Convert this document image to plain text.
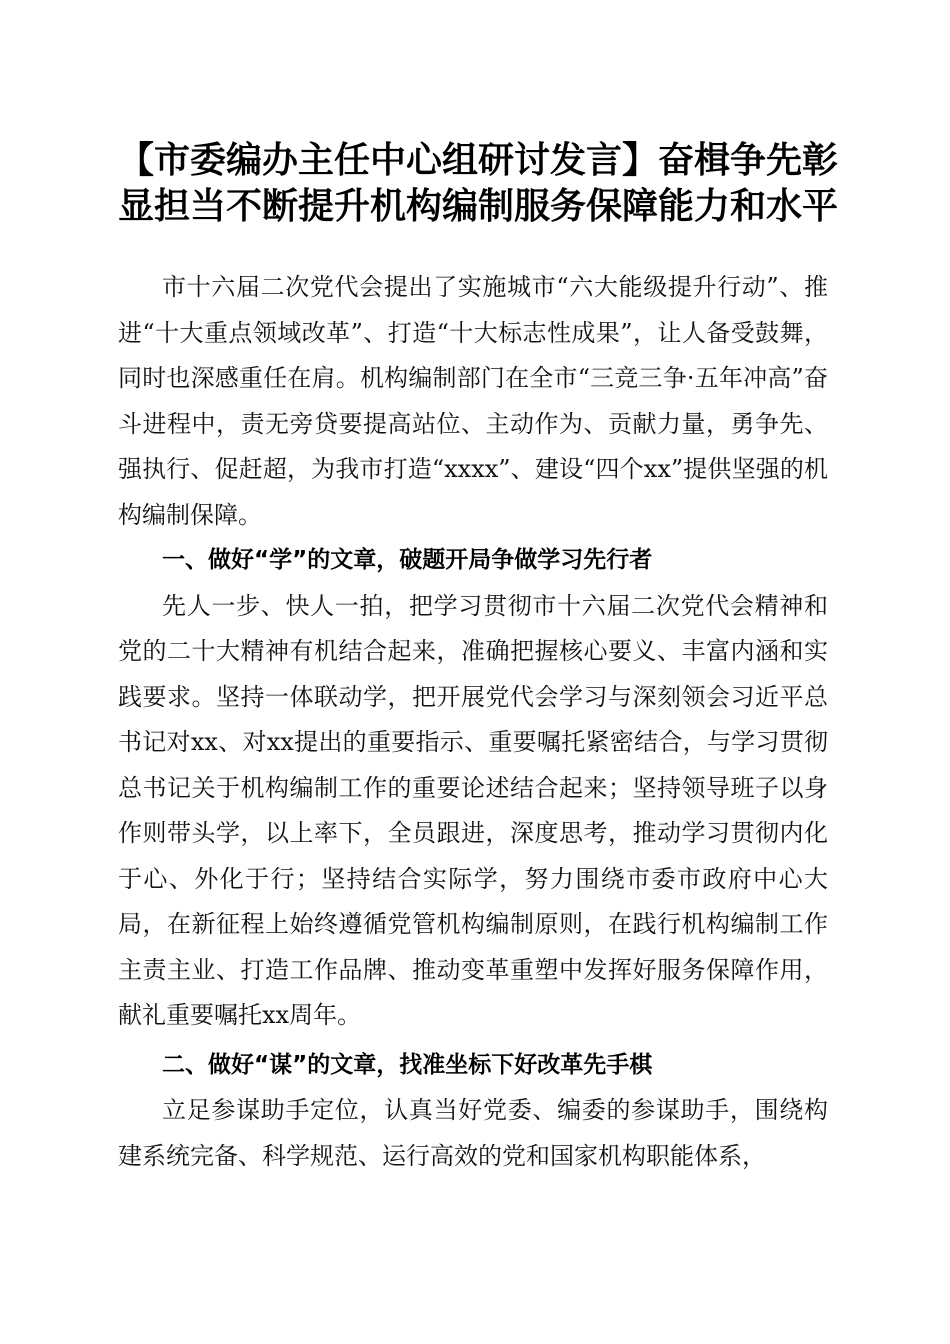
【市委编办主任中心组研讨发言】奋楫争先彰显担当不断提升机构编制服务保障能力和水平

市十六届二次党代会提出了实施城市“六大能级提升行动”、推进“十大重点领域改革”、打造“十大标志性成果”，让人备受鼓舞，同时也深感重任在肩。机构编制部门在全市“三竞三争·五年冲高”奋斗进程中，责无旁贷要提高站位、主动作为、贡献力量，勇争先、强执行、促赶超，为我市打造“xxxx”、建设“四个xx”提供坚强的机构编制保障。

一、做好“学”的文章，破题开局争做学习先行者

先人一步、快人一拍，把学习贯彻市十六届二次党代会精神和党的二十大精神有机结合起来，准确把握核心要义、丰富内涵和实践要求。坚持一体联动学，把开展党代会学习与深刻领会习近平总书记对xx、对xx提出的重要指示、重要嘱托紧密结合，与学习贯彻总书记关于机构编制工作的重要论述结合起来；坚持领导班子以身作则带头学，以上率下，全员跟进，深度思考，推动学习贯彻内化于心、外化于行；坚持结合实际学，努力围绕市委市政府中心大局，在新征程上始终遵循党管机构编制原则，在践行机构编制工作主责主业、打造工作品牌、推动变革重塑中发挥好服务保障作用，献礼重要嘱托xx周年。

二、做好“谋”的文章，找准坐标下好改革先手棋

立足参谋助手定位，认真当好党委、编委的参谋助手，围绕构建系统完备、科学规范、运行高效的党和国家机构职能体系，
